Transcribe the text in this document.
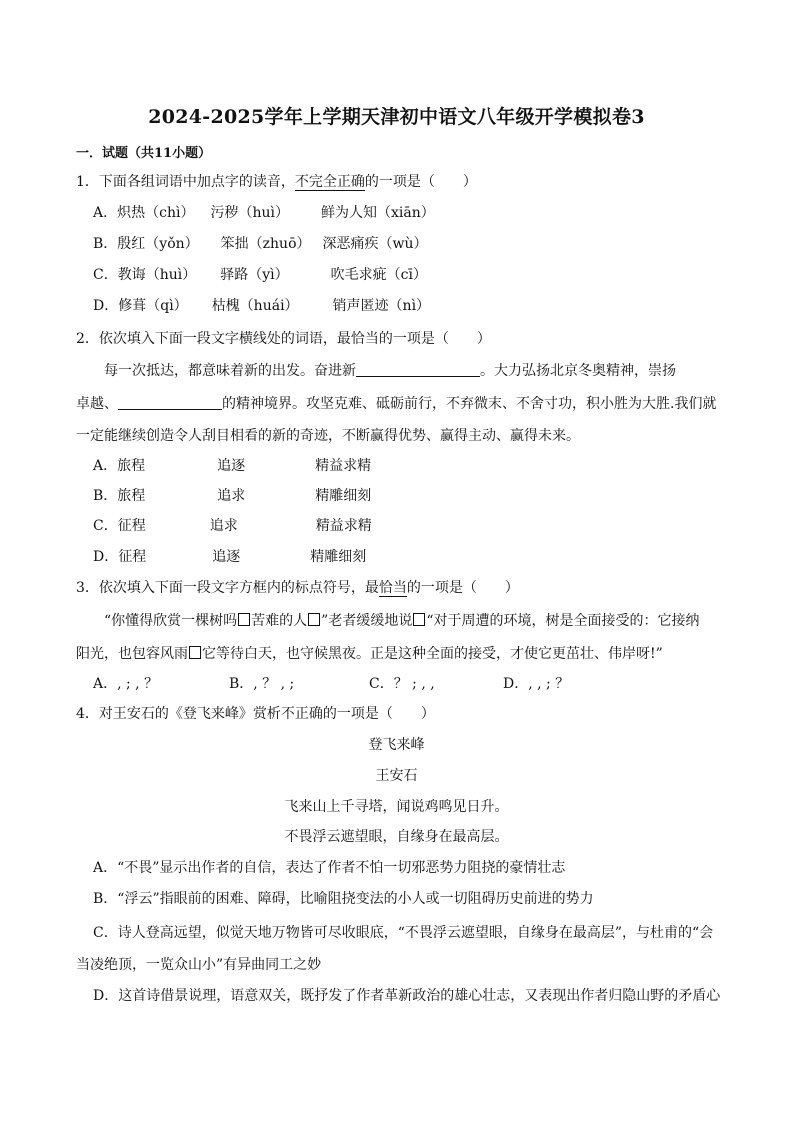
2024-2025学年上学期天津初中语文八年级开学模拟卷3
一．试题（共11小题）
1．下面各组词语中加点字的读音，不完全正确的一项是（　　）
A．炽热（chì） 污秽（huì） 鲜为人知（xiān）
B．殷红（yǒn） 笨拙（zhuō） 深恶痛疾（wù）
C．教诲（huì） 驿路（yì）	吹毛求疵（cī）
D．修葺（qì） 枯槐（huái） 销声匿迹（nì）
2．依次填入下面一段文字横线处的词语，最恰当的一项是（　　）
每一次抵达，都意味着新的出发。奋进新	。大力弘扬北京冬奥精神，崇扬
卓越、	的精神境界。攻坚克难、砥砺前行，不弃微末、不舍寸功，积小胜为大胜.我们就
一定能继续创造令人刮目相看的新的奇迹，不断赢得优势、赢得主动、赢得未来。
A．旅程	追逐	精益求精
B．旅程	追求	精雕细刻
C．征程	追求	精益求精
D．征程	追逐	精雕细刻
3．依次填入下面一段文字方框内的标点符号，最恰当的一项是（　　）
“你懂得欣赏一棵树吗 苦难的人 ”老者缓缓地说 “对于周遭的环境，树是全面接受的：它接纳
阳光，也包容风雨 它等待白天，也守候黑夜。正是这种全面的接受，才使它更茁壮、伟岸呀!”
A．, ; , ？	B．, ？ , ;	C．？ ; , ,	D．, , ; ？
4．对王安石的《登飞来峰》赏析不正确的一项是（　　）
登飞来峰
王安石
飞来山上千寻塔，闻说鸡鸣见日升。
不畏浮云遮望眼，自缘身在最高层。
A．“不畏”显示出作者的自信，表达了作者不怕一切邪恶势力阻挠的豪情壮志
B．“浮云”指眼前的困难、障碍，比喻阻挠变法的小人或一切阻碍历史前进的势力
C．诗人登高远望，似觉天地万物皆可尽收眼底，“不畏浮云遮望眼，自缘身在最高层”，与杜甫的“会
当凌绝顶，一览众山小”有异曲同工之妙
D．这首诗借景说理，语意双关，既抒发了作者革新政治的雄心壮志，又表现出作者归隐山野的矛盾心
